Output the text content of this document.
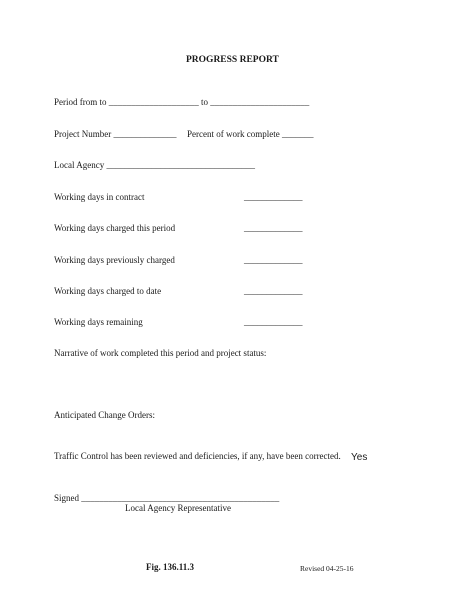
PROGRESS REPORT
Period from to ____________________ to ______________________
Project Number ______________ Percent of work complete _______
Local Agency _________________________________
Working days in contract	_____________
Working days charged this period	_____________
Working days previously charged	_____________
Working days charged to date	_____________
Working days remaining	_____________
Narrative of work completed this period and project status:
Anticipated Change Orders:
Traffic Control has been reviewed and deficiencies, if any, have been corrected. Yes
Signed ____________________________________________
Local Agency Representative
Fig. 136.11.3	Revised 04-25-16
